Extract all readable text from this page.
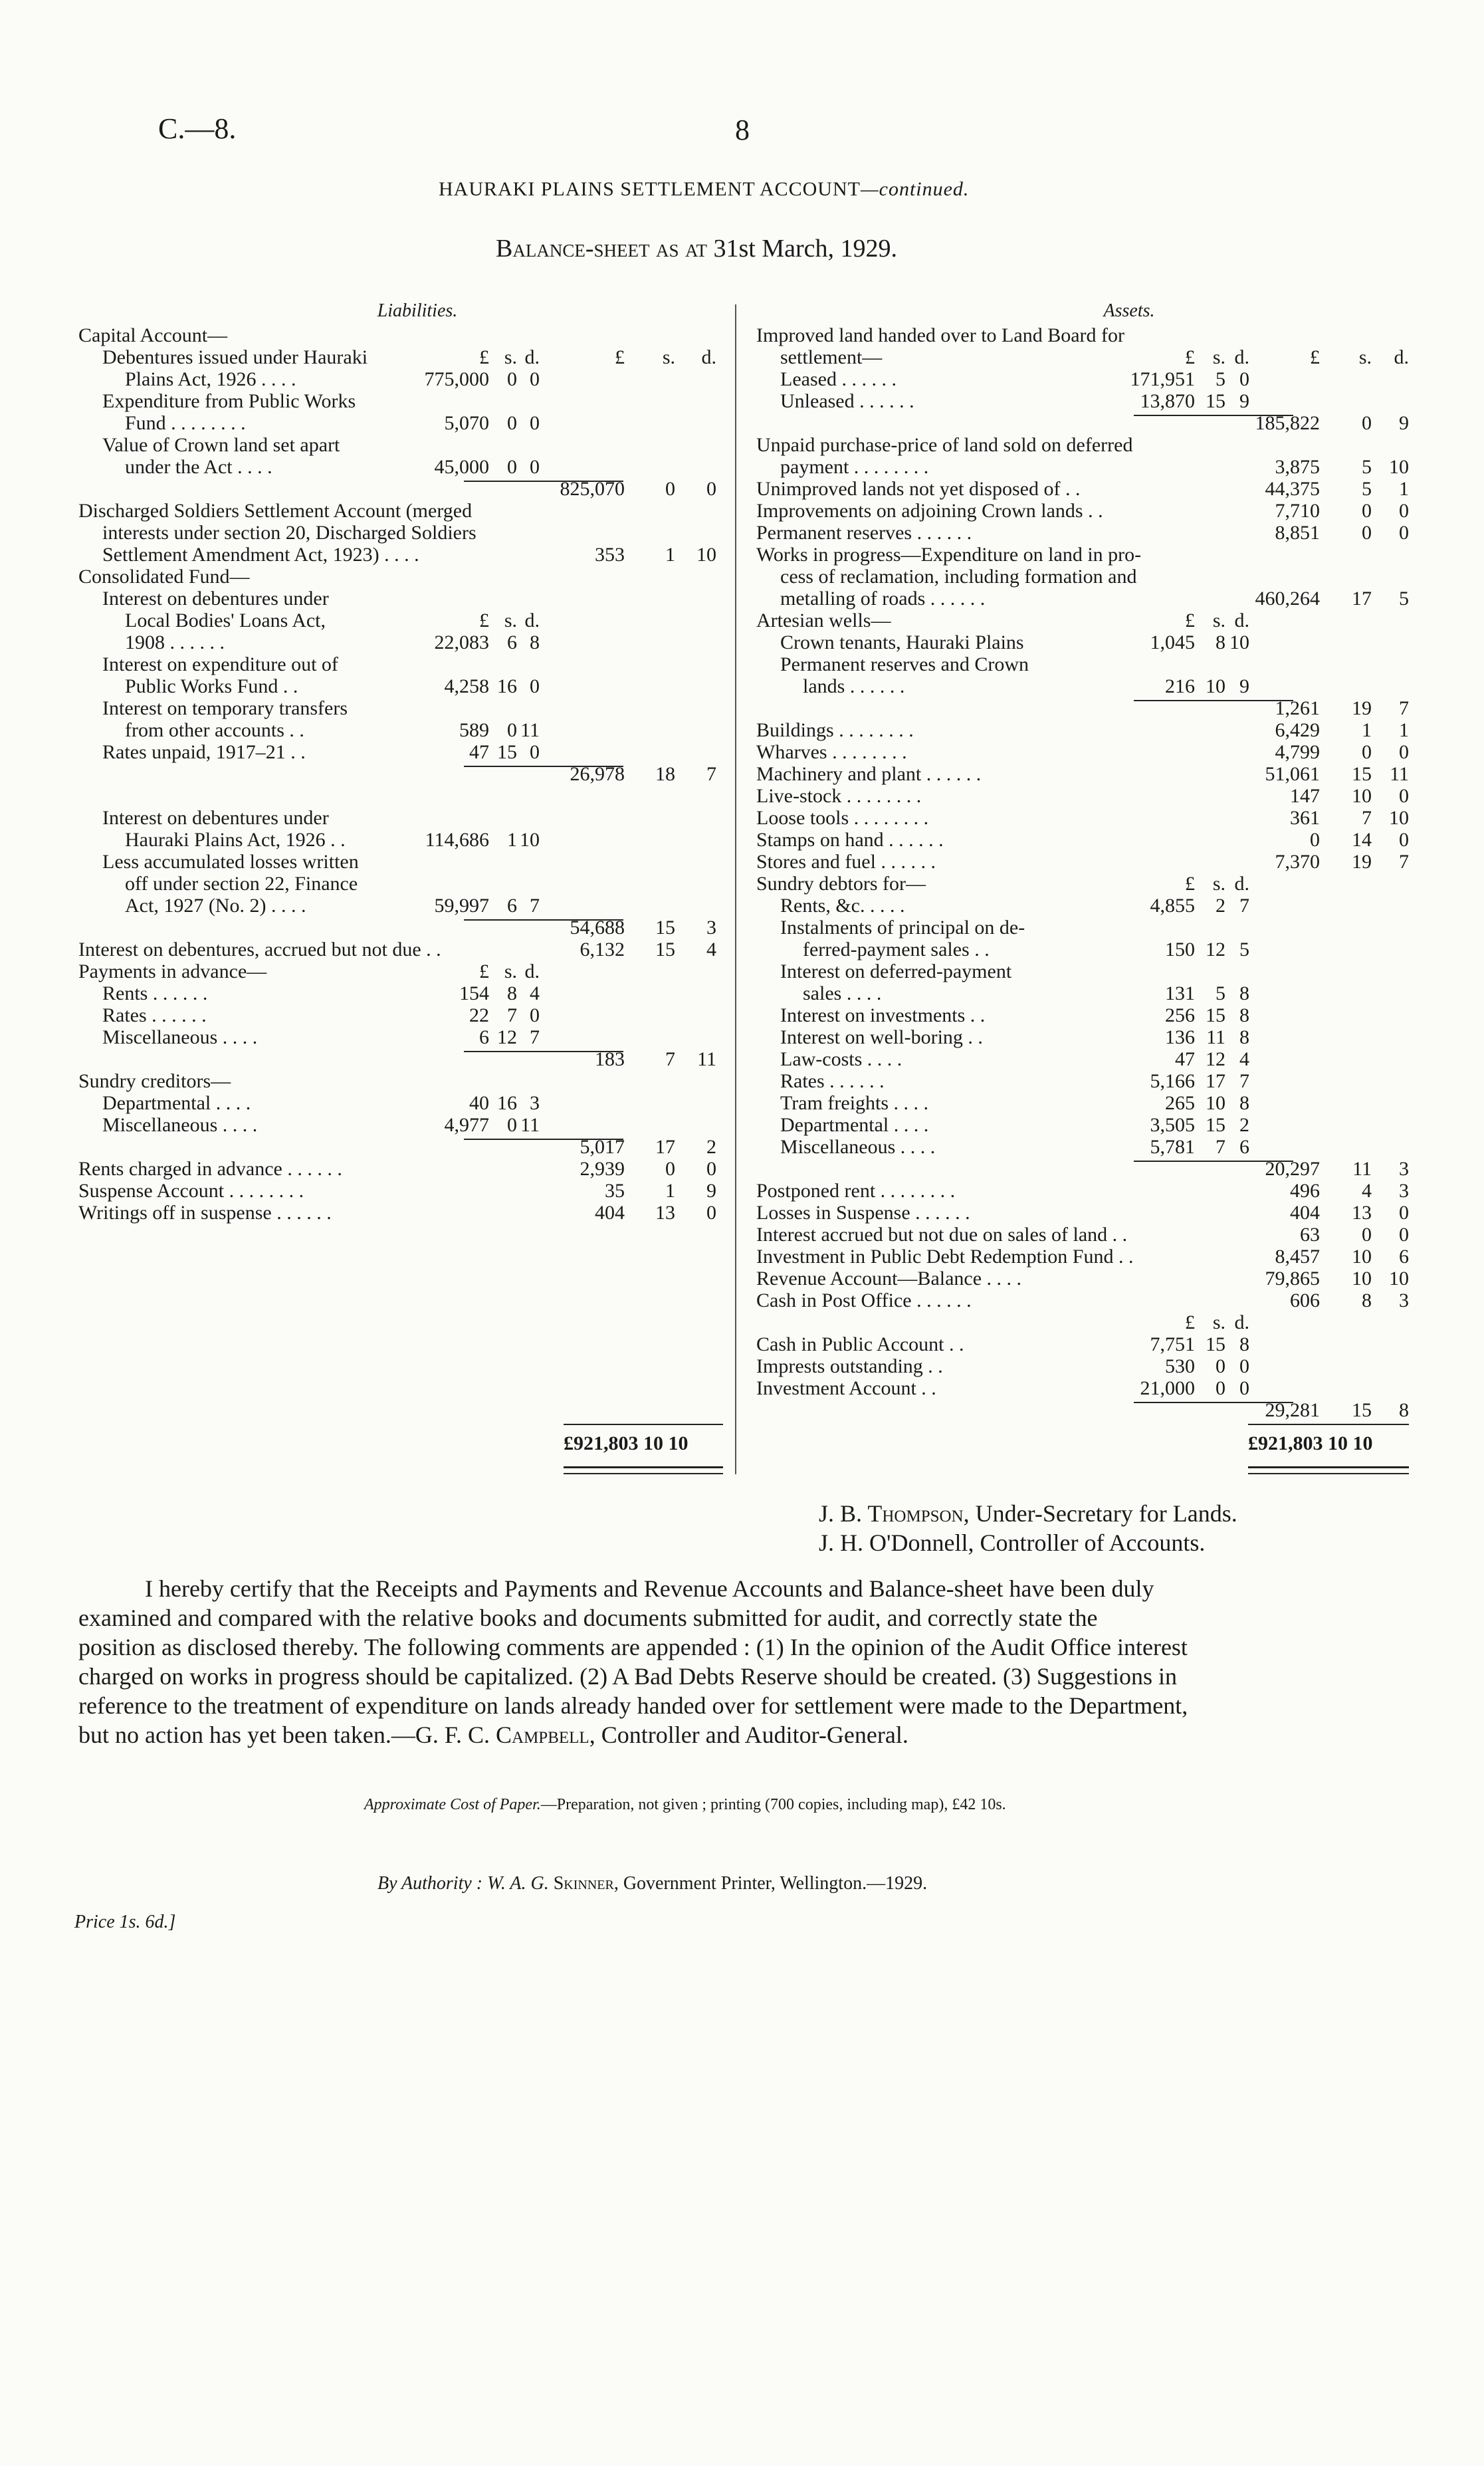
C.—8.	8
HAURAKI PLAINS SETTLEMENT ACCOUNT—continued.
Balance-sheet as at 31st March, 1929.
Liabilities.
Capital Account—
Debentures issued under Hauraki	£ s. d.	£ s. d.
Plains Act, 1926 . . . .	775,000 0 0
Expenditure from Public Works
Fund . . . . . . . .	5,070 0 0
Value of Crown land set apart
under the Act . . . .	45,000 0 0
825,070 0 0
Discharged Soldiers Settlement Account (merged
interests under section 20, Discharged Soldiers
Settlement Amendment Act, 1923) . . . .	353 1 10
Consolidated Fund—
Interest on debentures under
Local Bodies' Loans Act,	£ s. d.
1908 . . . . . .	22,083 6 8
Interest on expenditure out of
Public Works Fund . .	4,258 16 0
Interest on temporary transfers
from other accounts . .	589 0 11
Rates unpaid, 1917–21 . .	47 15 0
26,978 18 7
Interest on debentures under
Hauraki Plains Act, 1926 . .	114,686 1 10
Less accumulated losses written
off under section 22, Finance
Act, 1927 (No. 2) . . . .	59,997 6 7
54,688 15 3
Interest on debentures, accrued but not due . .	6,132 15 4
Payments in advance—	£ s. d.
Rents . . . . . .	154 8 4
Rates . . . . . .	22 7 0
Miscellaneous . . . .	6 12 7
183 7 11
Sundry creditors—
Departmental . . . .	40 16 3
Miscellaneous . . . .	4,977 0 11
5,017 17 2
Rents charged in advance . . . . . .	2,939 0 0
Suspense Account . . . . . . . .	35 1 9
Writings off in suspense . . . . . .	404 13 0
Assets.
Improved land handed over to Land Board for
settlement—	£ s. d.	£ s. d.
Leased . . . . . .	171,951 5 0
Unleased . . . . . .	13,870 15 9
185,822 0 9
Unpaid purchase-price of land sold on deferred
payment . . . . . . . .	3,875 5 10
Unimproved lands not yet disposed of . .	44,375 5 1
Improvements on adjoining Crown lands . .	7,710 0 0
Permanent reserves . . . . . .	8,851 0 0
Works in progress—Expenditure on land in pro-
cess of reclamation, including formation and
metalling of roads . . . . . .	460,264 17 5
Artesian wells—	£ s. d.
Crown tenants, Hauraki Plains	1,045 8 10
Permanent reserves and Crown
lands . . . . . .	216 10 9
1,261 19 7
Buildings . . . . . . . .	6,429 1 1
Wharves . . . . . . . .	4,799 0 0
Machinery and plant . . . . . .	51,061 15 11
Live-stock . . . . . . . .	147 10 0
Loose tools . . . . . . . .	361 7 10
Stamps on hand . . . . . .	0 14 0
Stores and fuel . . . . . .	7,370 19 7
Sundry debtors for—	£ s. d.
Rents, &c. . . . .	4,855 2 7
Instalments of principal on de-
ferred-payment sales . .	150 12 5
Interest on deferred-payment
sales . . . .	131 5 8
Interest on investments . .	256 15 8
Interest on well-boring . .	136 11 8
Law-costs . . . .	47 12 4
Rates . . . . . .	5,166 17 7
Tram freights . . . .	265 10 8
Departmental . . . .	3,505 15 2
Miscellaneous . . . .	5,781 7 6
20,297 11 3
Postponed rent . . . . . . . .	496 4 3
Losses in Suspense . . . . . .	404 13 0
Interest accrued but not due on sales of land . .	63 0 0
Investment in Public Debt Redemption Fund . .	8,457 10 6
Revenue Account—Balance . . . .	79,865 10 10
Cash in Post Office . . . . . .	606 8 3
£ s. d.
Cash in Public Account . .	7,751 15 8
Imprests outstanding . .	530 0 0
Investment Account . .	21,000 0 0
29,281 15 8
£921,803 10 10	£921,803 10 10
J. B. Thompson, Under-Secretary for Lands.
J. H. O'Donnell, Controller of Accounts.
I hereby certify that the Receipts and Payments and Revenue Accounts and Balance-sheet have been duly
examined and compared with the relative books and documents submitted for audit, and correctly state the
position as disclosed thereby. The following comments are appended : (1) In the opinion of the Audit Office interest
charged on works in progress should be capitalized. (2) A Bad Debts Reserve should be created. (3) Suggestions in
reference to the treatment of expenditure on lands already handed over for settlement were made to the Department,
but no action has yet been taken.—G. F. C. Campbell, Controller and Auditor-General.
Approximate Cost of Paper.—Preparation, not given ; printing (700 copies, including map), £42 10s.
By Authority : W. A. G. Skinner, Government Printer, Wellington.—1929.
Price 1s. 6d.]
